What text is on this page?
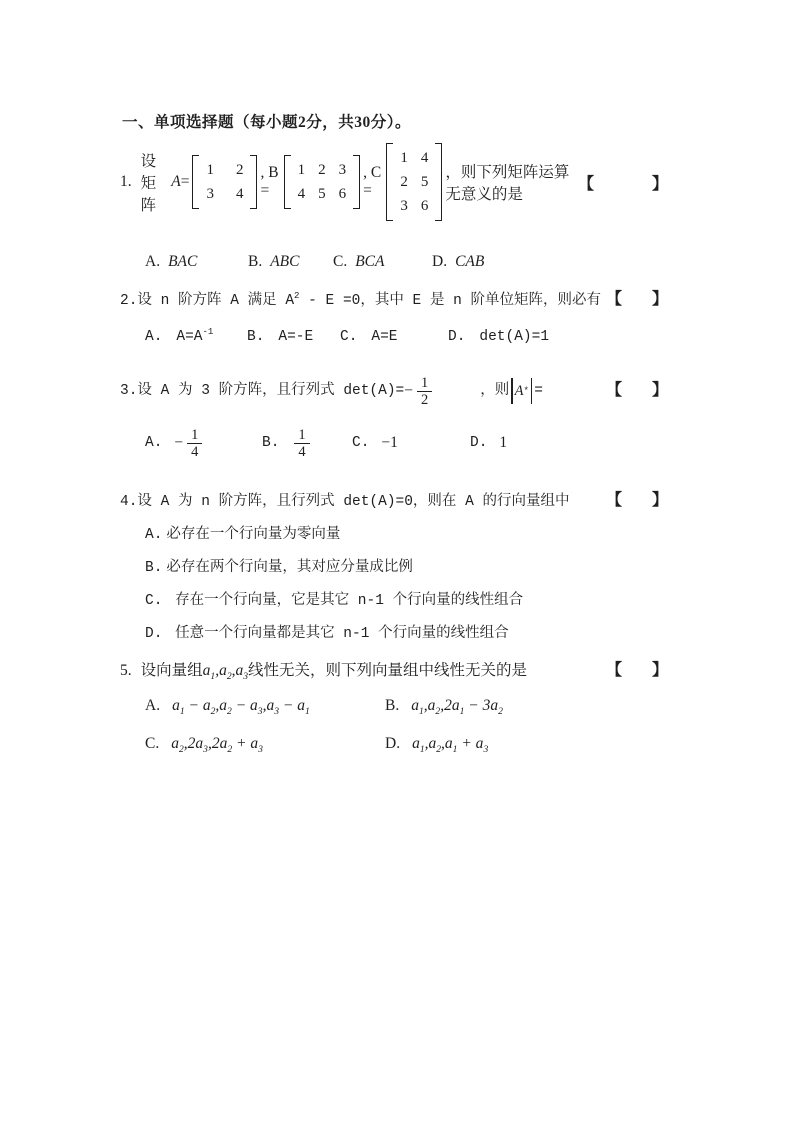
一、单项选择题（每小题2分，共30分）。
1.
设矩阵
A =
1 2
3 4
, B =
1 2 3
4 5 6
, C =
1 4
2 5
3 6
，则下列矩阵运算无意义的是
【	】
A. BAC	B. ABC C. BCA	D. CAB
2. 设 n 阶方阵 A 满足 $A^2 - E =0$，其中 E 是 n 阶单位矩阵，则必有 【 】
A. $A=A^{-1}$ B. A=-E C. A=E	D. det(A)=1
3. 设 A 为 3 阶方阵，且行列式 $\det(A)= - \frac{1}{2}$	，则 A * =	【 】
A. − $\frac{1}{4}$	B. $\frac{1}{4}$	C. −1	D. 1
4. 设 A 为 n 阶方阵，且行列式 det(A)=0，则在 A 的行向量组中 【 】
A. 必存在一个行向量为零向量
B. 必存在两个行向量，其对应分量成比例
C. 存在一个行向量，它是其它 n-1 个行向量的线性组合
D. 任意一个行向量都是其它 n-1 个行向量的线性组合
5. 设向量组 $a_1,a_2,a_3$ 线性无关，则下列向量组中线性无关的是	【 】
A. $a_1 - a_2,a_2 - a_3,a_3 - a_1$	B. $a_1,a_2,2a_1 - 3a_2$
C. $a_2,2a_3,2a_2 + a_3$	D. $a_1,a_2,a_1 + a_3$
